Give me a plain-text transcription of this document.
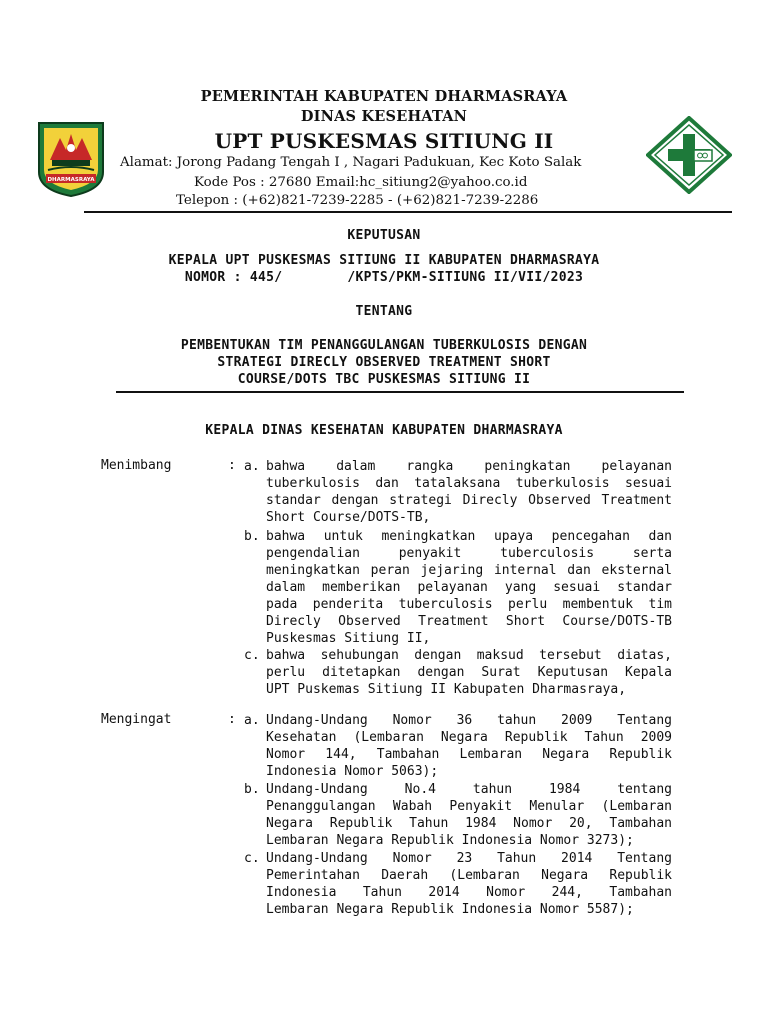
DHARMASRAYA
PEMERINTAH KABUPATEN DHARMASRAYA
DINAS KESEHATAN
UPT PUSKESMAS SITIUNG II
Alamat: Jorong Padang Tengah I , Nagari Padukuan, Kec Koto Salak
Kode Pos : 27680 Email:hc_sitiung2@yahoo.co.id
Telepon : (+62)821-7239-2285 - (+62)821-7239-2286
KEPUTUSAN
KEPALA UPT PUSKESMAS SITIUNG II KABUPATEN DHARMASRAYA
NOMOR : 445/        /KPTS/PKM-SITIUNG II/VII/2023
TENTANG
PEMBENTUKAN TIM PENANGGULANGAN TUBERKULOSIS DENGAN
STRATEGI DIRECLY OBSERVED TREATMENT SHORT
COURSE/DOTS TBC PUSKESMAS SITIUNG II
KEPALA DINAS KESEHATAN KABUPATEN DHARMASRAYA
Menimbang	: a. bahwa dalam rangka peningkatan pelayanan
tuberkulosis dan tatalaksana tuberkulosis sesuai
standar dengan strategi Direcly Observed Treatment
Short Course/DOTS-TB,
b. bahwa untuk meningkatkan upaya pencegahan dan
pengendalian penyakit tuberculosis serta
meningkatkan peran jejaring internal dan eksternal
dalam memberikan pelayanan yang sesuai standar
pada penderita tuberculosis perlu membentuk tim
Direcly Observed Treatment Short Course/DOTS-TB
Puskesmas Sitiung II,
c. bahwa sehubungan dengan maksud tersebut diatas,
perlu ditetapkan dengan Surat Keputusan Kepala
UPT Puskemas Sitiung II Kabupaten Dharmasraya,
Mengingat	: a. Undang-Undang Nomor 36 tahun 2009 Tentang
Kesehatan (Lembaran Negara Republik Tahun 2009
Nomor 144, Tambahan Lembaran Negara Republik
Indonesia Nomor 5063);
b. Undang-Undang No.4 tahun 1984 tentang
Penanggulangan Wabah Penyakit Menular (Lembaran
Negara Republik Tahun 1984 Nomor 20, Tambahan
Lembaran Negara Republik Indonesia Nomor 3273);
c. Undang-Undang Nomor 23 Tahun 2014 Tentang
Pemerintahan Daerah (Lembaran Negara Republik
Indonesia Tahun 2014 Nomor 244, Tambahan
Lembaran Negara Republik Indonesia Nomor 5587);
